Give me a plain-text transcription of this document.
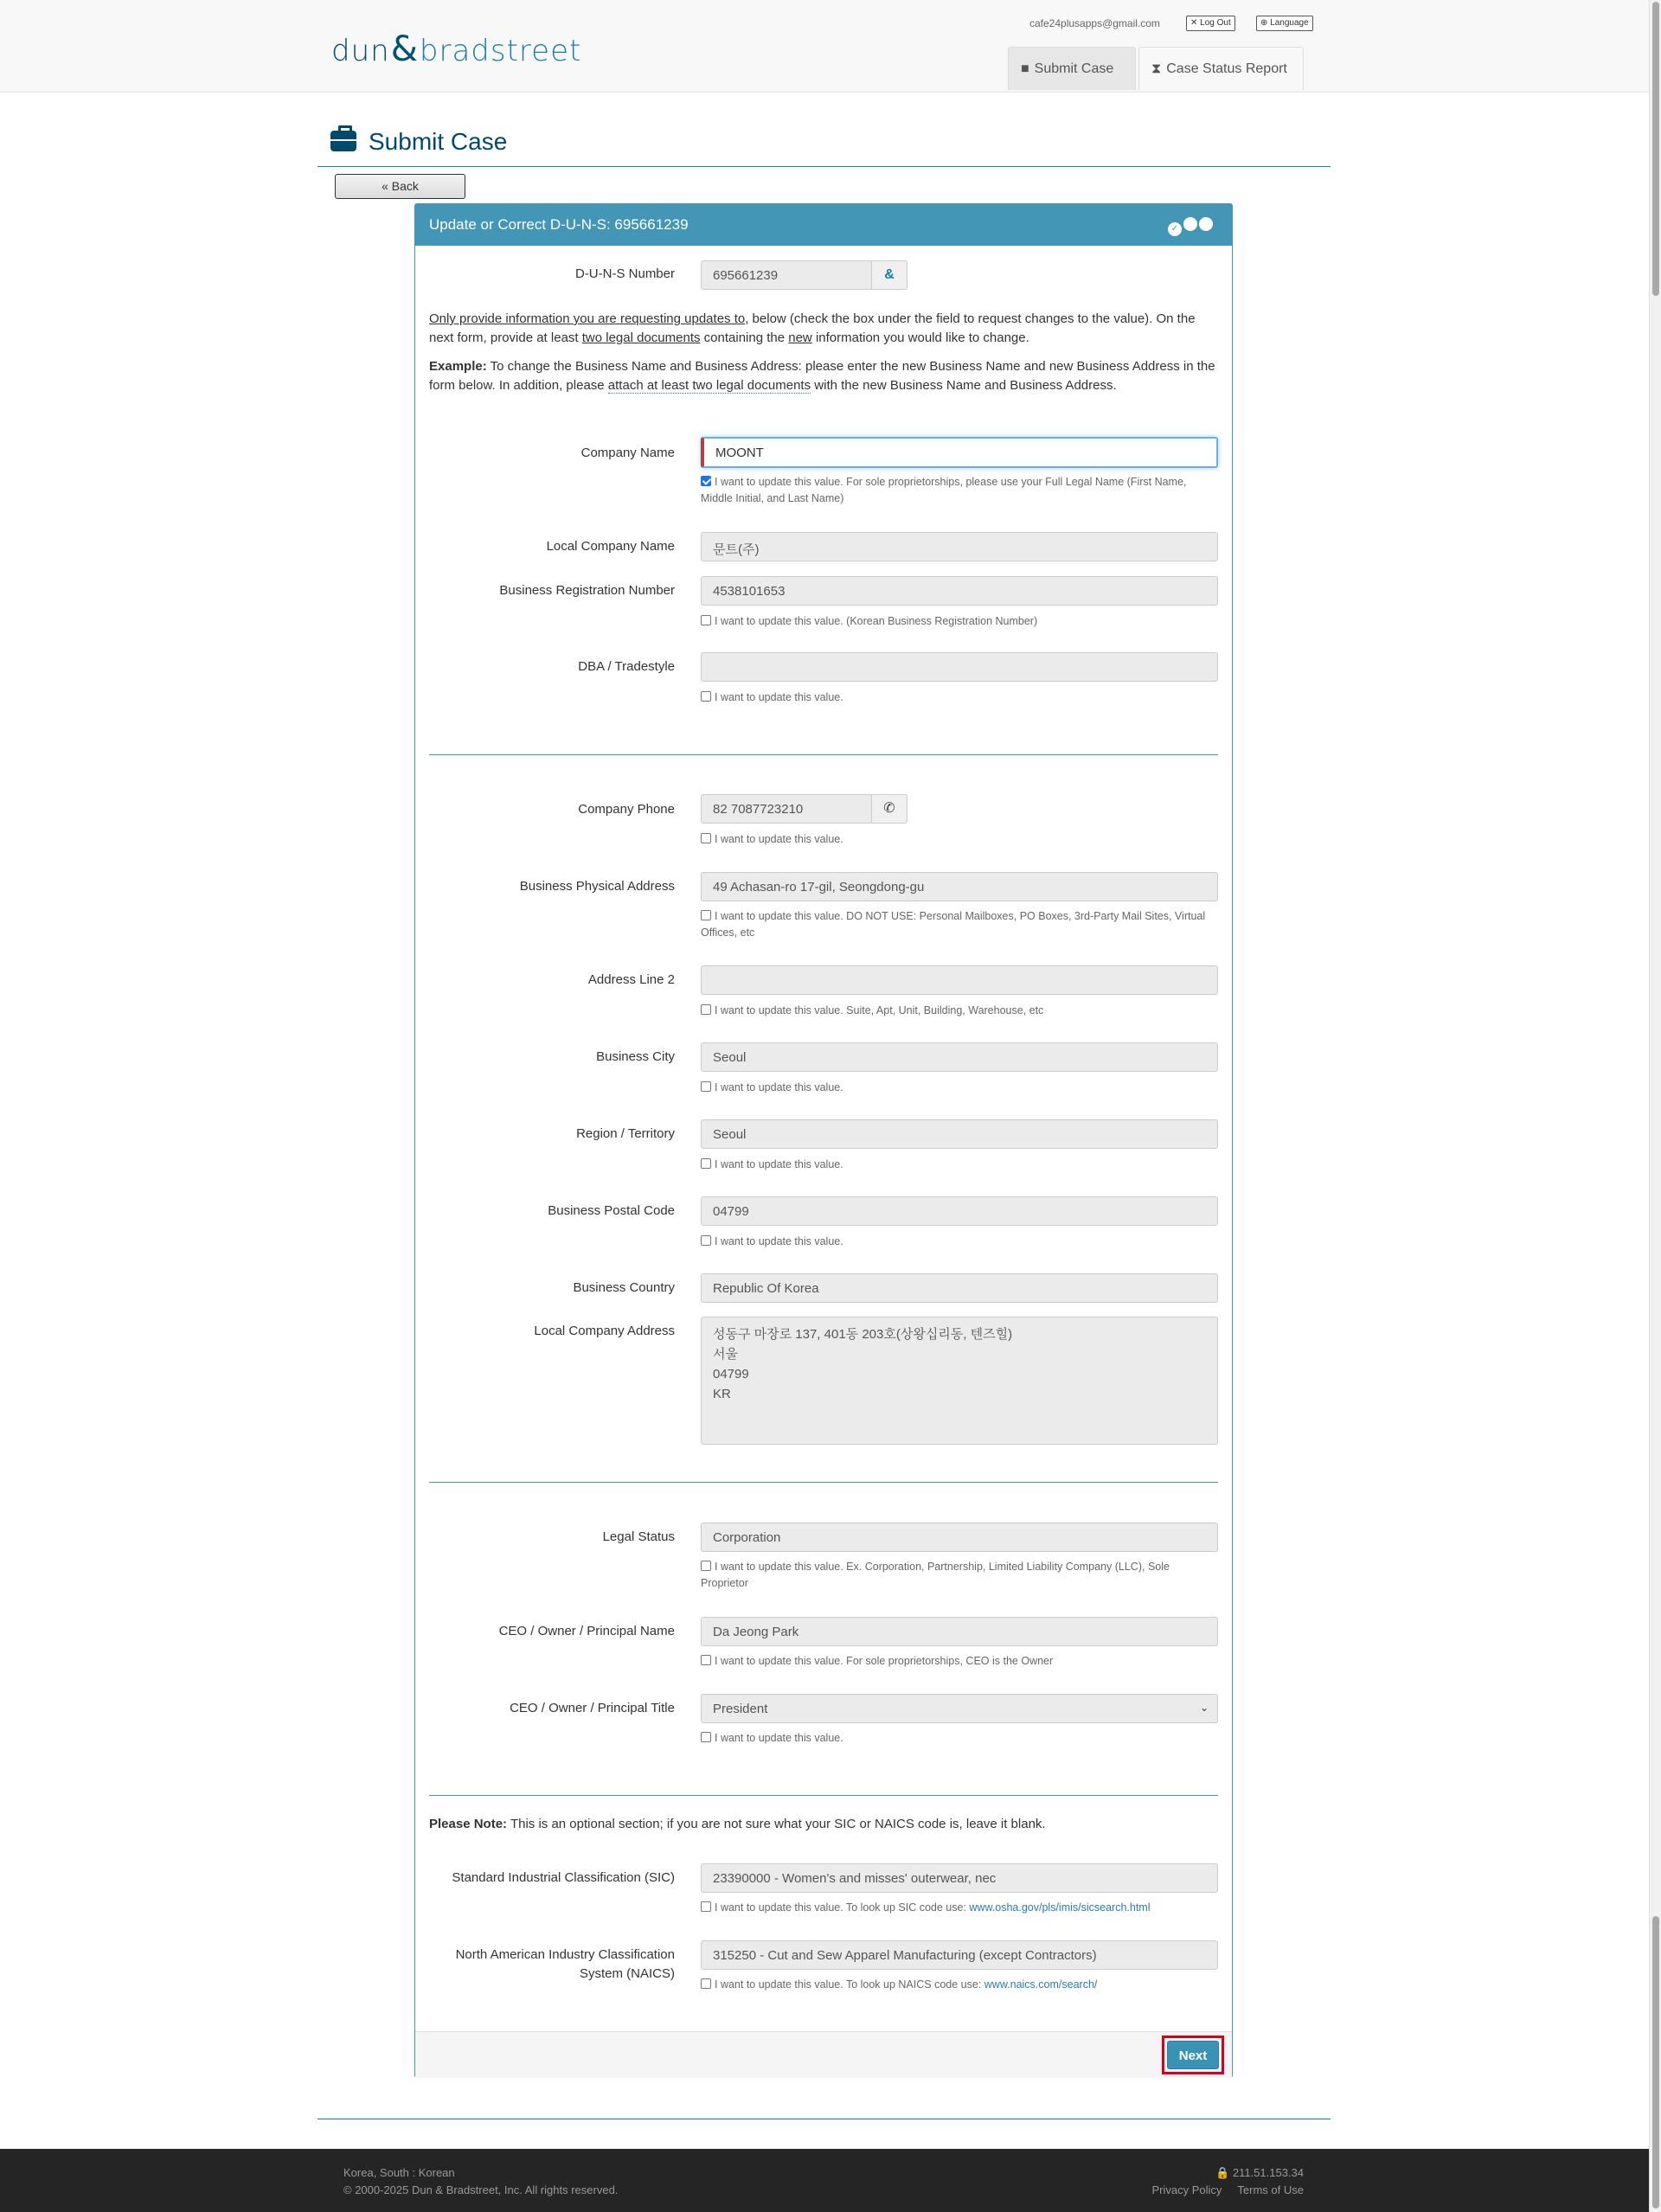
dun&bradstreet
cafe24plusapps@gmail.com	✕ Log Out	⊕ Language
■ Submit Case	⧗ Case Status Report
Submit Case
« Back
Update or Correct D-U-N-S: 695661239	✓
D-U-N-S Number	695661239	&
Only provide information you are requesting updates to, below (check the box under the field to request changes to the value). On the next form, provide at least two legal documents containing the new information you would like to change.
Example: To change the Business Name and Business Address: please enter the new Business Name and new Business Address in the form below. In addition, please attach at least two legal documents with the new Business Name and Business Address.
Company Name	MOONT
I want to update this value. For sole proprietorships, please use your Full Legal Name (First Name, Middle Initial, and Last Name)
Local Company Name	문트(주)
Business Registration Number	4538101653
I want to update this value. (Korean Business Registration Number)
DBA / Tradestyle
I want to update this value.
Company Phone	82 7087723210	✆
I want to update this value.
Business Physical Address	49 Achasan-ro 17-gil, Seongdong-gu
I want to update this value. DO NOT USE: Personal Mailboxes, PO Boxes, 3rd-Party Mail Sites, Virtual Offices, etc
Address Line 2
I want to update this value. Suite, Apt, Unit, Building, Warehouse, etc
Business City	Seoul
I want to update this value.
Region / Territory	Seoul
I want to update this value.
Business Postal Code	04799
I want to update this value.
Business Country	Republic Of Korea
Local Company Address	성동구 마장로 137, 401동 203호(상왕십리동, 텐즈힐)
서울
04799
KR
Legal Status	Corporation
I want to update this value. Ex. Corporation, Partnership, Limited Liability Company (LLC), Sole Proprietor
CEO / Owner / Principal Name	Da Jeong Park
I want to update this value. For sole proprietorships, CEO is the Owner
CEO / Owner / Principal Title	President	⌄
I want to update this value.
Please Note: This is an optional section; if you are not sure what your SIC or NAICS code is, leave it blank.
Standard Industrial Classification (SIC)	23390000 - Women's and misses' outerwear, nec
I want to update this value. To look up SIC code use: www.osha.gov/pls/imis/sicsearch.html
North American Industry Classification
System (NAICS)
315250 - Cut and Sew Apparel Manufacturing (except Contractors)
I want to update this value. To look up NAICS code use: www.naics.com/search/
Next
Korea, South : Korean
© 2000-2025 Dun & Bradstreet, Inc. All rights reserved.
🔒 211.51.153.34
Privacy Policy Terms of Use
